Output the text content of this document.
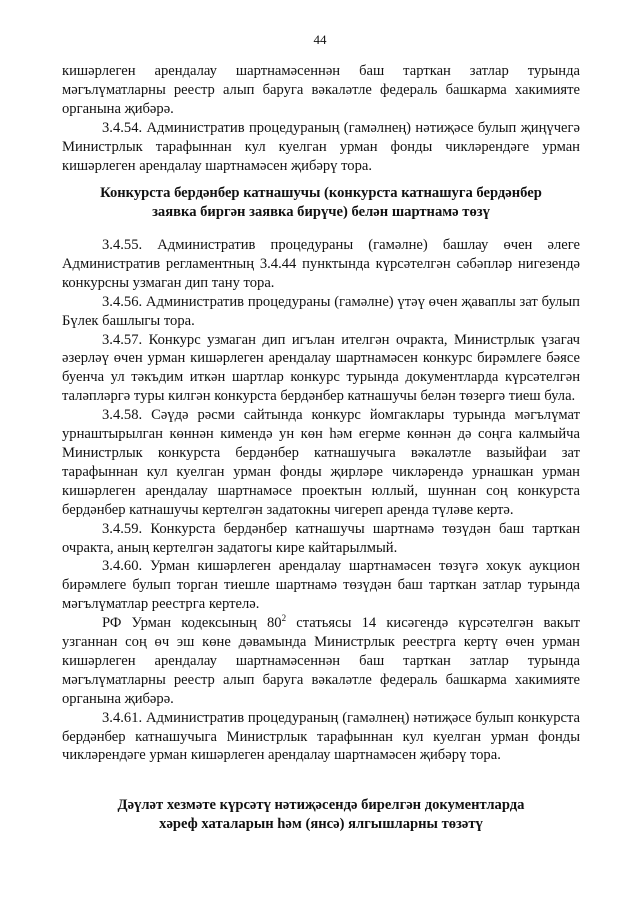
44

кишәрлеген арендалау шартнамәсеннән баш тарткан затлар турында мәгълүматларны реестр алып баруга вәкаләтле федераль башкарма хакимияте органына җибәрә.

3.4.54. Административ процедураның (гамәлнең) нәтиҗәсе булып җиңүчегә Министрлык тарафыннан кул куелган урман фонды чикләрендәге урман кишәрлеген арендалау шартнамәсен җибәрү тора.

Конкурста бердәнбер катнашучы (конкурста катнашуга бердәнбер
заявка биргән заявка бирүче) белән шартнамә төзү

3.4.55. Административ процедураны (гамәлне) башлау өчен әлеге Административ регламентның 3.4.44 пунктында күрсәтелгән сәбәпләр нигезендә конкурсны узмаган дип тану тора.

3.4.56. Административ процедураны (гамәлне) үтәү өчен җаваплы зат булып Бүлек башлыгы тора.

3.4.57. Конкурс узмаган дип игълан ителгән очракта, Министрлык үзагач әзерләү өчен урман кишәрлеген арендалау шартнамәсен конкурс бирәмлеге бәясе буенча ул тәкъдим иткән шартлар конкурс турында документларда күрсәтелгән таләпләргә туры килгән конкурста бердәнбер катнашучы белән төзергә тиеш була.

3.4.58. Сәүдә рәсми сайтында конкурс йомгаклары турында мәгълүмат урнаштырылган көннән кимендә ун көн һәм егерме көннән дә соңга калмыйча Министрлык конкурста бердәнбер катнашучыга вәкаләтле вазыйфаи зат тарафыннан кул куелган урман фонды җирләре чикләрендә урнашкан урман кишәрлеген арендалау шартнамәсе проектын юллый, шуннан соң конкурста бердәнбер катнашучы кертелгән задатокны чигереп аренда түләве кертә.

3.4.59. Конкурста бердәнбер катнашучы шартнамә төзүдән баш тарткан очракта, аның кертелгән задатогы кире кайтарылмый.

3.4.60. Урман кишәрлеген арендалау шартнамәсен төзүгә хокук аукцион бирәмлеге булып торган тиешле шартнамә төзүдән баш тарткан затлар турында мәгълүматлар реестрга кертелә.

РФ Урман кодексының $80^2$ статьясы 14 кисәгендә күрсәтелгән вакыт узганнан соң өч эш көне дәвамында Министрлык реестрга кертү өчен урман кишәрлеген арендалау шартнамәсеннән баш тарткан затлар турында мәгълүматларны реестр алып баруга вәкаләтле федераль башкарма хакимияте органына җибәрә.

3.4.61. Административ процедураның (гамәлнең) нәтиҗәсе булып конкурста бердәнбер катнашучыга Министрлык тарафыннан кул куелган урман фонды чикләрендәге урман кишәрлеген арендалау шартнамәсен җибәрү тора.

Дәүләт хезмәте күрсәтү нәтиҗәсендә бирелгән документларда
хәреф хаталарын һәм (янсә) ялгышларны төзәтү
